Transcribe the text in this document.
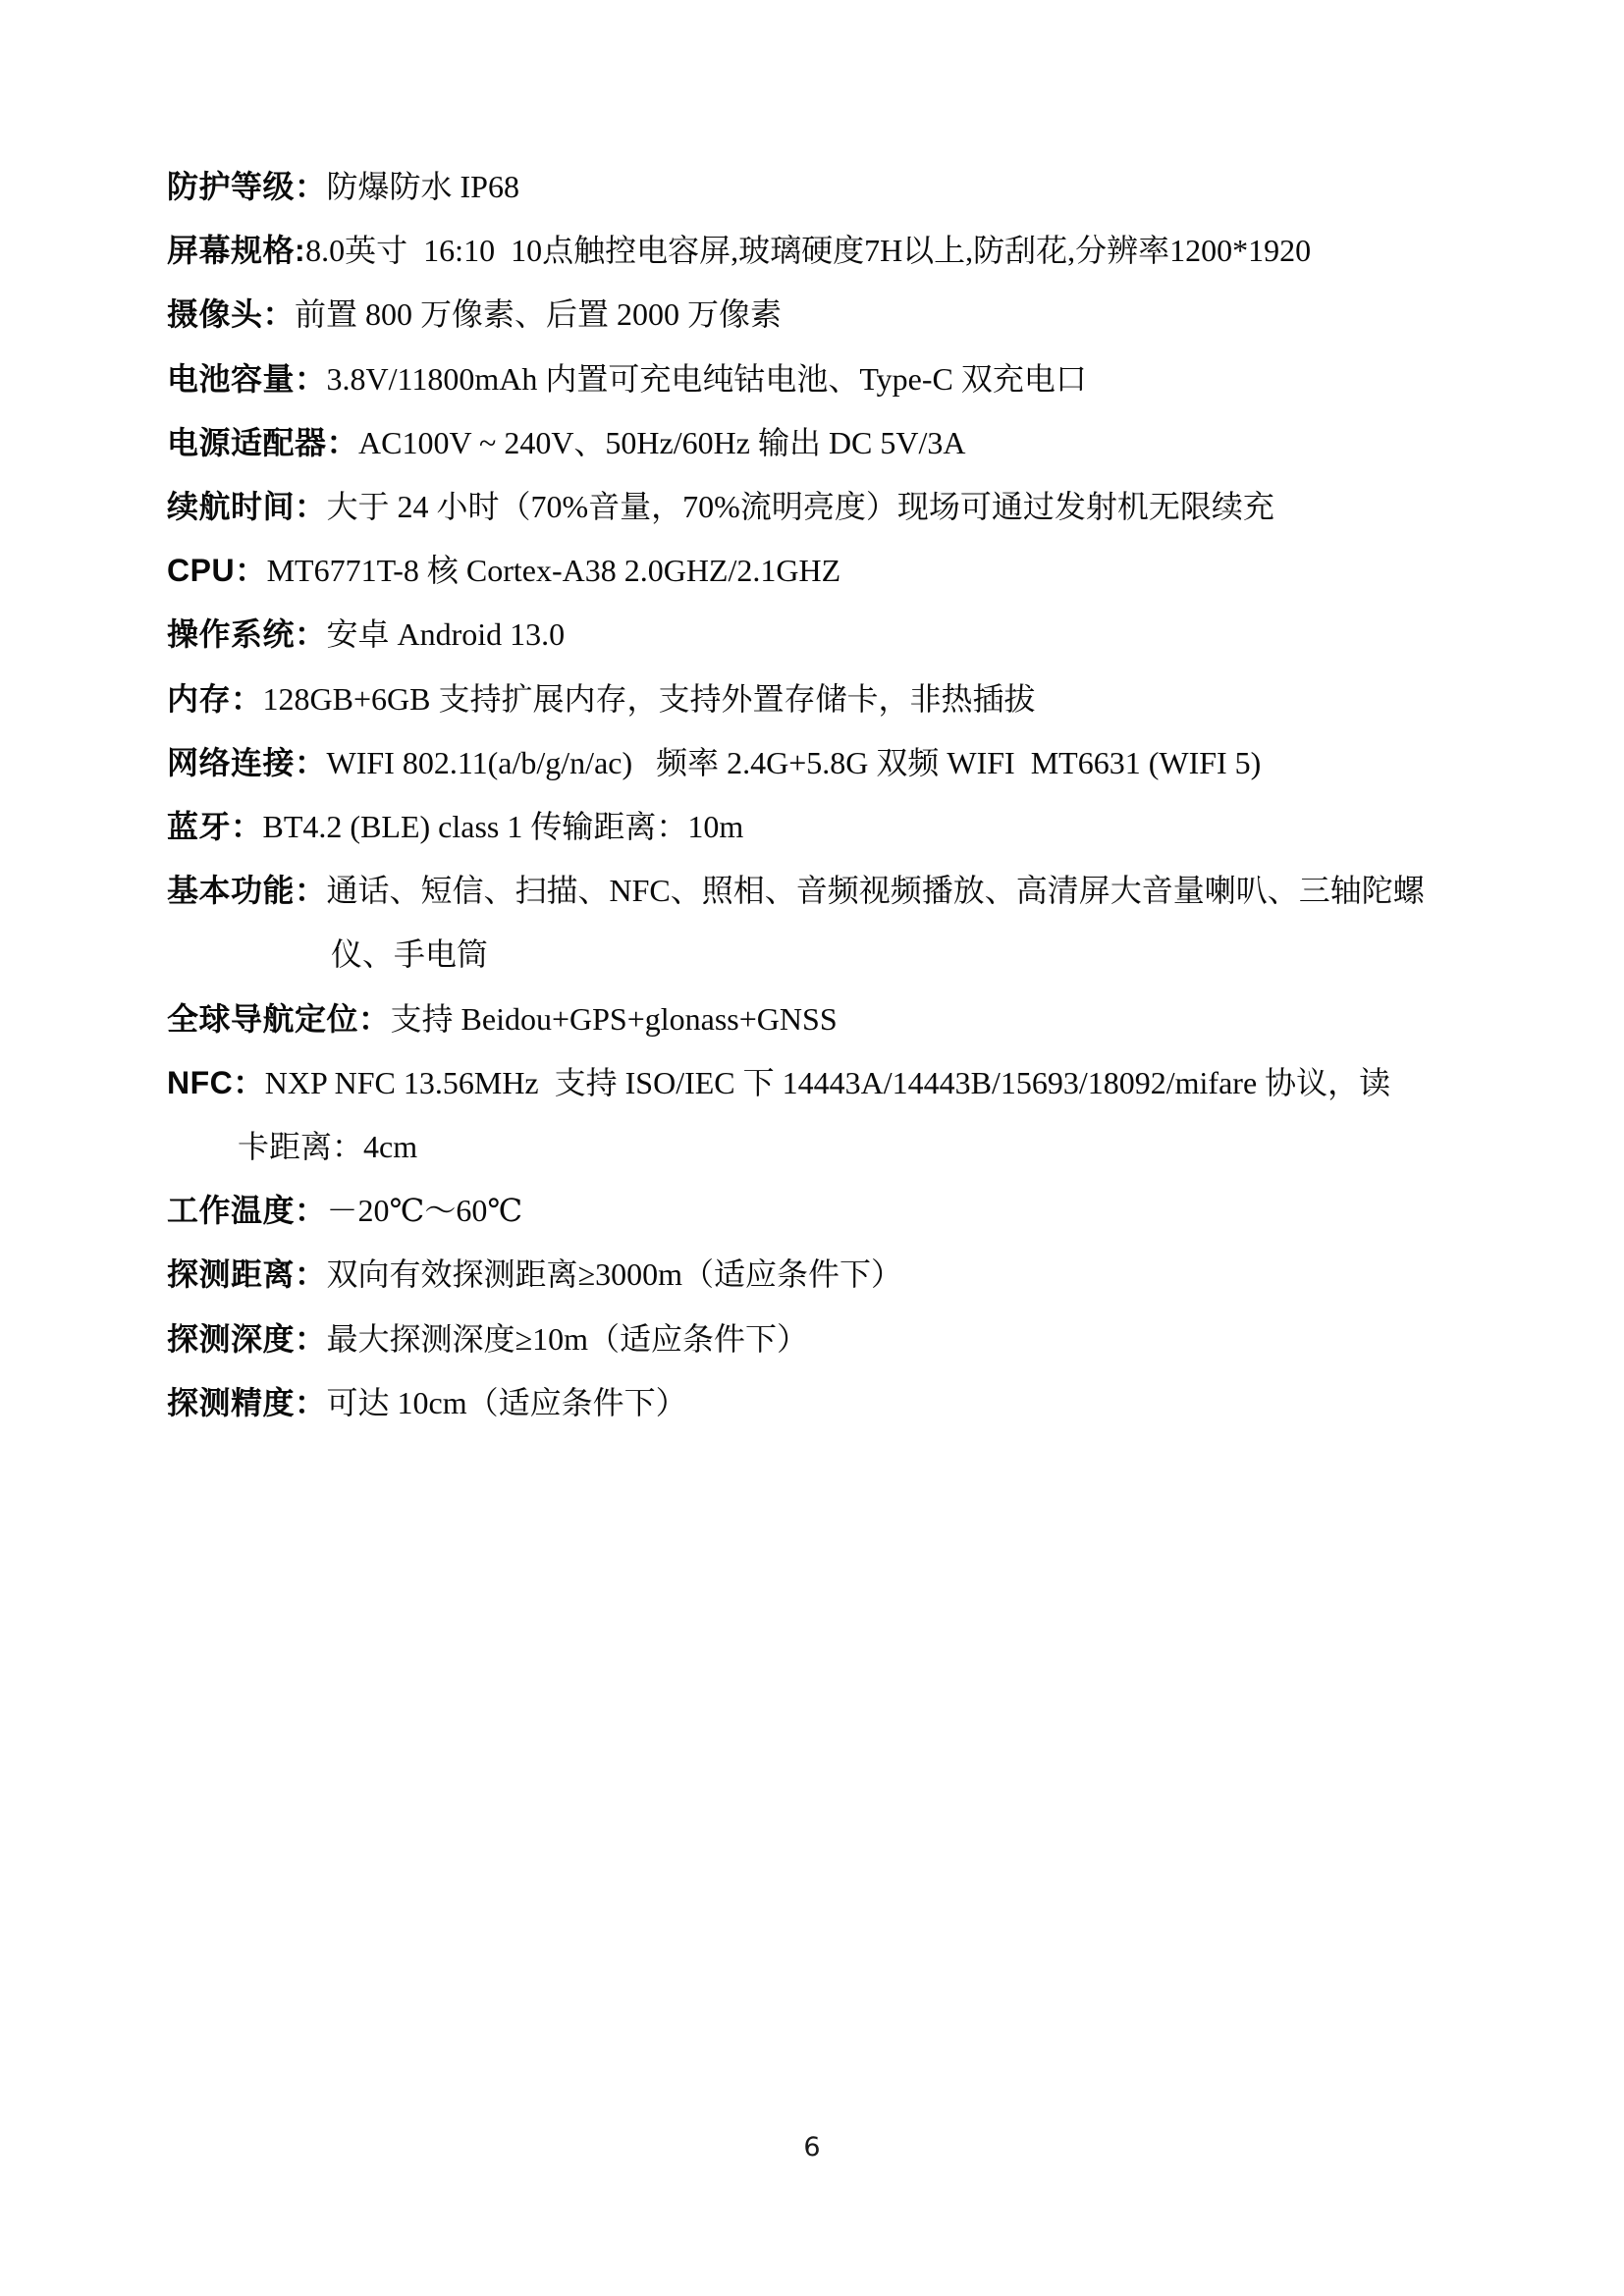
防护等级：防爆防水 IP68
屏幕规格:8.0英寸  16:10  10点触控电容屏,玻璃硬度7H以上,防刮花,分辨率1200*1920
摄像头：前置 800 万像素、后置 2000 万像素
电池容量：3.8V/11800mAh 内置可充电纯钴电池、Type-C 双充电口
电源适配器：AC100V ~ 240V、50Hz/60Hz 输出 DC 5V/3A
续航时间：大于 24 小时（70%音量，70%流明亮度）现场可通过发射机无限续充
CPU：MT6771T-8 核 Cortex-A38 2.0GHZ/2.1GHZ
操作系统：安卓 Android 13.0
内存：128GB+6GB 支持扩展内存，支持外置存储卡，非热插拔
网络连接：WIFI 802.11(a/b/g/n/ac)   频率 2.4G+5.8G 双频 WIFI  MT6631 (WIFI 5)
蓝牙：BT4.2 (BLE) class 1 传输距离：10m
基本功能：通话、短信、扫描、NFC、照相、音频视频播放、高清屏大音量喇叭、三轴陀螺
仪、手电筒
全球导航定位：支持 Beidou+GPS+glonass+GNSS
NFC：NXP NFC 13.56MHz  支持 ISO/IEC 下 14443A/14443B/15693/18092/mifare 协议，读
卡距离：4cm
工作温度：－20℃～60℃
探测距离：双向有效探测距离≥3000m（适应条件下）
探测深度：最大探测深度≥10m（适应条件下）
探测精度：可达 10cm（适应条件下）
6
